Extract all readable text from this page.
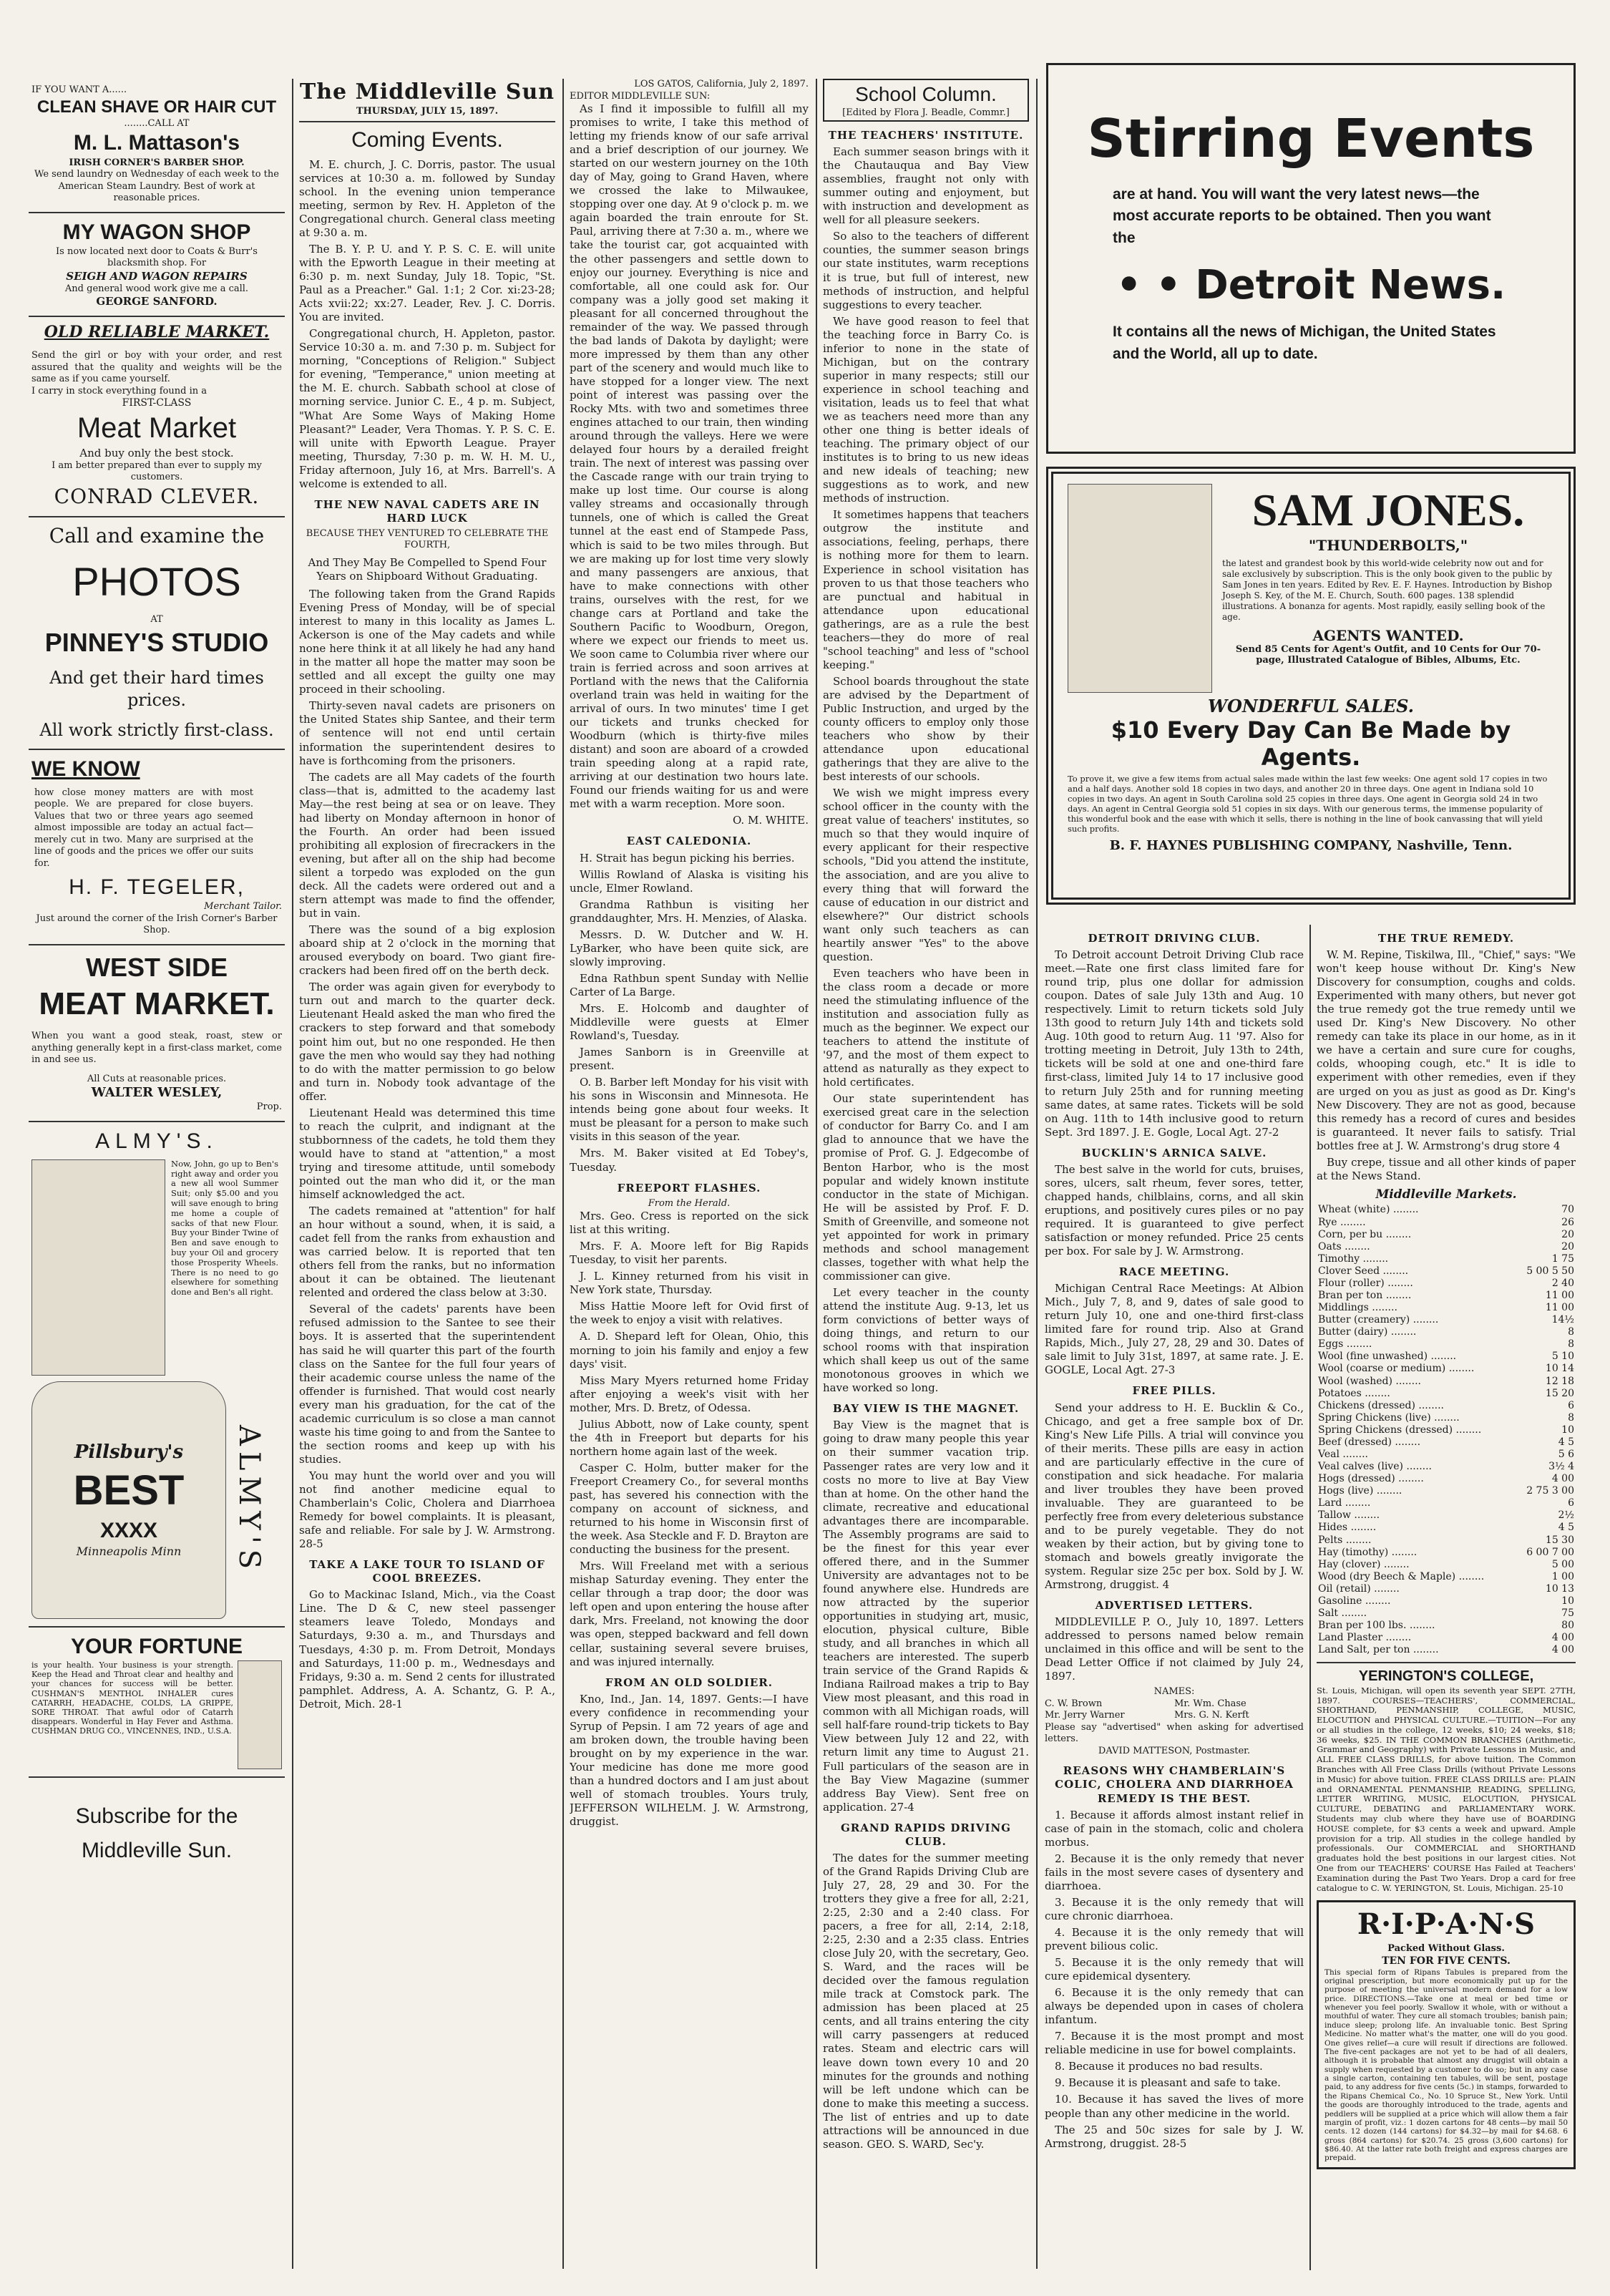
IF YOU WANT A......
CLEAN SHAVE OR HAIR CUT
........CALL AT
M. L. Mattason's
IRISH CORNER'S BARBER SHOP.
We send laundry on Wednesday of each week to the American Steam Laundry. Best of work at reasonable prices.
MY WAGON SHOP
Is now located next door to Coats & Burr's blacksmith shop. For
SEIGH AND WAGON REPAIRS
And general wood work give me a call.
GEORGE SANFORD.
OLD RELIABLE MARKET.
Send the girl or boy with your order, and rest assured that the quality and weights will be the same as if you came yourself.
I carry in stock everything found in a
FIRST-CLASS
Meat Market
And buy only the best stock.
I am better prepared than ever to supply my customers.
CONRAD CLEVER.
Call and examine the
PHOTOS
AT
PINNEY'S STUDIO
And get their hard times prices.
All work strictly first-class.
WE KNOW
how close money matters are with most people. We are prepared for close buyers. Values that two or three years ago seemed almost impossible are today an actual fact—merely cut in two. Many are surprised at the line of goods and the prices we offer our suits for.
H. F. TEGELER,
Merchant Tailor.
Just around the corner of the Irish Corner's Barber Shop.
WEST SIDE
MEAT MARKET.
When you want a good steak, roast, stew or anything generally kept in a first-class market, come in and see us.
All Cuts at reasonable prices.
WALTER WESLEY,
Prop.
ALMY'S.
Now, John, go up to Ben's right away and order you a new all wool Summer Suit; only $5.00 and you will save enough to bring me home a couple of sacks of that new Flour. Buy your Binder Twine of Ben and save enough to buy your Oil and grocery those Prosperity Wheels. There is no need to go elsewhere for something done and Ben's all right.
Pillsbury's
BEST
XXXX
Minneapolis Minn ALMY'S
YOUR FORTUNE
is your health. Your business is your strength. Keep the Head and Throat clear and healthy and your chances for success will be better. CUSHMAN'S MENTHOL INHALER cures CATARRH, HEADACHE, COLDS, LA GRIPPE, SORE THROAT. That awful odor of Catarrh disappears. Wonderful in Hay Fever and Asthma. CUSHMAN DRUG CO., VINCENNES, IND., U.S.A.
Subscribe for the Middleville Sun.
The Middleville Sun
THURSDAY, JULY 15, 1897.
Coming Events.

M. E. church, J. C. Dorris, pastor. The usual services at 10:30 a. m. followed by Sunday school. In the evening union temperance meeting, sermon by Rev. H. Appleton of the Congregational church. General class meeting at 9:30 a. m.

The B. Y. P. U. and Y. P. S. C. E. will unite with the Epworth League in their meeting at 6:30 p. m. next Sunday, July 18. Topic, "St. Paul as a Preacher." Gal. 1:1; 2 Cor. xi:23-28; Acts xvii:22; xx:27. Leader, Rev. J. C. Dorris. You are invited.

Congregational church, H. Appleton, pastor. Service 10:30 a. m. and 7:30 p. m. Subject for morning, "Conceptions of Religion." Subject for evening, "Temperance," union meeting at the M. E. church. Sabbath school at close of morning service. Junior C. E., 4 p. m. Subject, "What Are Some Ways of Making Home Pleasant?" Leader, Vera Thomas. Y. P. S. C. E. will unite with Epworth League. Prayer meeting, Thursday, 7:30 p. m. W. H. M. U., Friday afternoon, July 16, at Mrs. Barrell's. A welcome is extended to all.

THE NEW NAVAL CADETS ARE IN HARD LUCK
BECAUSE THEY VENTURED TO CELEBRATE THE FOURTH,
And They May Be Compelled to Spend Four Years on Shipboard Without Graduating.

The following taken from the Grand Rapids Evening Press of Monday, will be of special interest to many in this locality as James L. Ackerson is one of the May cadets and while none here think it at all likely he had any hand in the matter all hope the matter may soon be settled and all except the guilty one may proceed in their schooling.

Thirty-seven naval cadets are prisoners on the United States ship Santee, and their term of sentence will not end until certain information the superintendent desires to have is forthcoming from the prisoners.

The cadets are all May cadets of the fourth class—that is, admitted to the academy last May—the rest being at sea or on leave. They had liberty on Monday afternoon in honor of the Fourth. An order had been issued prohibiting all explosion of firecrackers in the evening, but after all on the ship had become silent a torpedo was exploded on the gun deck. All the cadets were ordered out and a stern attempt was made to find the offender, but in vain.

There was the sound of a big explosion aboard ship at 2 o'clock in the morning that aroused everybody on board. Two giant fire-crackers had been fired off on the berth deck.

The order was again given for everybody to turn out and march to the quarter deck. Lieutenant Heald asked the man who fired the crackers to step forward and that somebody point him out, but no one responded. He then gave the men who would say they had nothing to do with the matter permission to go below and turn in. Nobody took advantage of the offer.

Lieutenant Heald was determined this time to reach the culprit, and indignant at the stubbornness of the cadets, he told them they would have to stand at "attention," a most trying and tiresome attitude, until somebody pointed out the man who did it, or the man himself acknowledged the act.

The cadets remained at "attention" for half an hour without a sound, when, it is said, a cadet fell from the ranks from exhaustion and was carried below. It is reported that ten others fell from the ranks, but no information about it can be obtained. The lieutenant relented and ordered the class below at 3:30.

Several of the cadets' parents have been refused admission to the Santee to see their boys. It is asserted that the superintendent has said he will quarter this part of the fourth class on the Santee for the full four years of their academic course unless the name of the offender is furnished. That would cost nearly every man his graduation, for the cat of the academic curriculum is so close a man cannot waste his time going to and from the Santee to the section rooms and keep up with his studies.

You may hunt the world over and you will not find another medicine equal to Chamberlain's Colic, Cholera and Diarrhoea Remedy for bowel complaints. It is pleasant, safe and reliable. For sale by J. W. Armstrong. 28-5

TAKE A LAKE TOUR TO ISLAND OF COOL BREEZES.

Go to Mackinac Island, Mich., via the Coast Line. The D & C, new steel passenger steamers leave Toledo, Mondays and Saturdays, 9:30 a. m., and Thursdays and Tuesdays, 4:30 p. m. From Detroit, Mondays and Saturdays, 11:00 p. m., Wednesdays and Fridays, 9:30 a. m. Send 2 cents for illustrated pamphlet. Address, A. A. Schantz, G. P. A., Detroit, Mich. 28-1

LOS GATOS, California, July 2, 1897.
EDITOR MIDDLEVILLE SUN:

As I find it impossible to fulfill all my promises to write, I take this method of letting my friends know of our safe arrival and a brief description of our journey. We started on our western journey on the 10th day of May, going to Grand Haven, where we crossed the lake to Milwaukee, stopping over one day. At 9 o'clock p. m. we again boarded the train enroute for St. Paul, arriving there at 7:30 a. m., where we take the tourist car, got acquainted with the other passengers and settle down to enjoy our journey. Everything is nice and comfortable, all one could ask for. Our company was a jolly good set making it pleasant for all concerned throughout the remainder of the way. We passed through the bad lands of Dakota by daylight; were more impressed by them than any other part of the scenery and would much like to have stopped for a longer view. The next point of interest was passing over the Rocky Mts. with two and sometimes three engines attached to our train, then winding around through the valleys. Here we were delayed four hours by a derailed freight train. The next of interest was passing over the Cascade range with our train trying to make up lost time. Our course is along valley streams and occasionally through tunnels, one of which is called the Great tunnel at the east end of Stampede Pass, which is said to be two miles through. But we are making up for lost time very slowly and many passengers are anxious, that have to make connections with other trains, ourselves with the rest, for we change cars at Portland and take the Southern Pacific to Woodburn, Oregon, where we expect our friends to meet us. We soon came to Columbia river where our train is ferried across and soon arrives at Portland with the news that the California overland train was held in waiting for the arrival of ours. In two minutes' time I get our tickets and trunks checked for Woodburn (which is thirty-five miles distant) and soon are aboard of a crowded train speeding along at a rapid rate, arriving at our destination two hours late. Found our friends waiting for us and were met with a warm reception. More soon.

O. M. WHITE.
EAST CALEDONIA.

H. Strait has begun picking his berries.

Willis Rowland of Alaska is visiting his uncle, Elmer Rowland.

Grandma Rathbun is visiting her granddaughter, Mrs. H. Menzies, of Alaska.

Messrs. D. W. Dutcher and W. H. LyBarker, who have been quite sick, are slowly improving.

Edna Rathbun spent Sunday with Nellie Carter of La Barge.

Mrs. E. Holcomb and daughter of Middleville were guests at Elmer Rowland's, Tuesday.

James Sanborn is in Greenville at present.

O. B. Barber left Monday for his visit with his sons in Wisconsin and Minnesota. He intends being gone about four weeks. It must be pleasant for a person to make such visits in this season of the year.

Mrs. M. Baker visited at Ed Tobey's, Tuesday.

FREEPORT FLASHES.
From the Herald.

Mrs. Geo. Cress is reported on the sick list at this writing.

Mrs. F. A. Moore left for Big Rapids Tuesday, to visit her parents.

J. L. Kinney returned from his visit in New York state, Thursday.

Miss Hattie Moore left for Ovid first of the week to enjoy a visit with relatives.

A. D. Shepard left for Olean, Ohio, this morning to join his family and enjoy a few days' visit.

Miss Mary Myers returned home Friday after enjoying a week's visit with her mother, Mrs. D. Bretz, of Odessa.

Julius Abbott, now of Lake county, spent the 4th in Freeport but departs for his northern home again last of the week.

Casper C. Holm, butter maker for the Freeport Creamery Co., for several months past, has severed his connection with the company on account of sickness, and returned to his home in Wisconsin first of the week. Asa Steckle and F. D. Brayton are conducting the business for the present.

Mrs. Will Freeland met with a serious mishap Saturday evening. They enter the cellar through a trap door; the door was left open and upon entering the house after dark, Mrs. Freeland, not knowing the door was open, stepped backward and fell down cellar, sustaining several severe bruises, and was injured internally.

FROM AN OLD SOLDIER.

Kno, Ind., Jan. 14, 1897. Gents:—I have every confidence in recommending your Syrup of Pepsin. I am 72 years of age and am broken down, the trouble having been brought on by my experience in the war. Your medicine has done me more good than a hundred doctors and I am just about well of stomach troubles. Yours truly, JEFFERSON WILHELM. J. W. Armstrong, druggist.

School Column.
[Edited by Flora J. Beadle, Commr.]
THE TEACHERS' INSTITUTE.

Each summer season brings with it the Chautauqua and Bay View assemblies, fraught not only with summer outing and enjoyment, but with instruction and development as well for all pleasure seekers.

So also to the teachers of different counties, the summer season brings our state institutes, warm receptions it is true, but full of interest, new methods of instruction, and helpful suggestions to every teacher.

We have good reason to feel that the teaching force in Barry Co. is inferior to none in the state of Michigan, but on the contrary superior in many respects; still our experience in school teaching and visitation, leads us to feel that what we as teachers need more than any other one thing is better ideals of teaching. The primary object of our institutes is to bring to us new ideas and new ideals of teaching; new suggestions as to work, and new methods of instruction.

It sometimes happens that teachers outgrow the institute and associations, feeling, perhaps, there is nothing more for them to learn. Experience in school visitation has proven to us that those teachers who are punctual and habitual in attendance upon educational gatherings, are as a rule the best teachers—they do more of real "school teaching" and less of "school keeping."

School boards throughout the state are advised by the Department of Public Instruction, and urged by the county officers to employ only those teachers who show by their attendance upon educational gatherings that they are alive to the best interests of our schools.

We wish we might impress every school officer in the county with the great value of teachers' institutes, so much so that they would inquire of every applicant for their respective schools, "Did you attend the institute, the association, and are you alive to every thing that will forward the cause of education in our district and elsewhere?" Our district schools want only such teachers as can heartily answer "Yes" to the above question.

Even teachers who have been in the class room a decade or more need the stimulating influence of the institution and association fully as much as the beginner. We expect our teachers to attend the institute of '97, and the most of them expect to attend as naturally as they expect to hold certificates.

Our state superintendent has exercised great care in the selection of conductor for Barry Co. and I am glad to announce that we have the promise of Prof. G. J. Edgecombe of Benton Harbor, who is the most popular and widely known institute conductor in the state of Michigan. He will be assisted by Prof. F. D. Smith of Greenville, and someone not yet appointed for work in primary methods and school management classes, together with what help the commissioner can give.

Let every teacher in the county attend the institute Aug. 9-13, let us form convictions of better ways of doing things, and return to our school rooms with that inspiration which shall keep us out of the same monotonous grooves in which we have worked so long.

BAY VIEW IS THE MAGNET.

Bay View is the magnet that is going to draw many people this year on their summer vacation trip. Passenger rates are very low and it costs no more to live at Bay View than at home. On the other hand the climate, recreative and educational advantages there are incomparable. The Assembly programs are said to be the finest for this year ever offered there, and in the Summer University are advantages not to be found anywhere else. Hundreds are now attracted by the superior opportunities in studying art, music, elocution, physical culture, Bible study, and all branches in which all teachers are interested. The superb train service of the Grand Rapids & Indiana Railroad makes a trip to Bay View most pleasant, and this road in common with all Michigan roads, will sell half-fare round-trip tickets to Bay View between July 12 and 22, with return limit any time to August 21. Full particulars of the season are in the Bay View Magazine (summer address Bay View). Sent free on application. 27-4

GRAND RAPIDS DRIVING CLUB.

The dates for the summer meeting of the Grand Rapids Driving Club are July 27, 28, 29 and 30. For the trotters they give a free for all, 2:21, 2:25, 2:30 and a 2:40 class. For pacers, a free for all, 2:14, 2:18, 2:25, 2:30 and a 2:35 class. Entries close July 20, with the secretary, Geo. S. Ward, and the races will be decided over the famous regulation mile track at Comstock park. The admission has been placed at 25 cents, and all trains entering the city will carry passengers at reduced rates. Steam and electric cars will leave down town every 10 and 20 minutes for the grounds and nothing will be left undone which can be done to make this meeting a success. The list of entries and up to date attractions will be announced in due season. GEO. S. WARD, Sec'y.

Stirring Events
are at hand. You will want the very latest news—the most accurate reports to be obtained. Then you want the
• • Detroit News.
It contains all the news of Michigan, the United States and the World, all up to date.
SAM JONES.
"THUNDERBOLTS,"
the latest and grandest book by this world-wide celebrity now out and for sale exclusively by subscription. This is the only book given to the public by Sam Jones in ten years. Edited by Rev. E. F. Haynes. Introduction by Bishop Joseph S. Key, of the M. E. Church, South. 600 pages. 138 splendid illustrations. A bonanza for agents. Most rapidly, easily selling book of the age.
AGENTS WANTED.
Send 85 Cents for Agent's Outfit, and 10 Cents for Our 70-page, Illustrated Catalogue of Bibles, Albums, Etc.
WONDERFUL SALES.
$10 Every Day Can Be Made by Agents.
To prove it, we give a few items from actual sales made within the last few weeks: One agent sold 17 copies in two and a half days. Another sold 18 copies in two days, and another 20 in three days. One agent in Indiana sold 10 copies in two days. An agent in South Carolina sold 25 copies in three days. One agent in Georgia sold 24 in two days. An agent in Central Georgia sold 51 copies in six days. With our generous terms, the immense popularity of this wonderful book and the ease with which it sells, there is nothing in the line of book canvassing that will yield such profits.
B. F. HAYNES PUBLISHING COMPANY, Nashville, Tenn.
DETROIT DRIVING CLUB.

To Detroit account Detroit Driving Club race meet.—Rate one first class limited fare for round trip, plus one dollar for admission coupon. Dates of sale July 13th and Aug. 10 respectively. Limit to return tickets sold July 13th good to return July 14th and tickets sold Aug. 10th good to return Aug. 11 '97. Also for trotting meeting in Detroit, July 13th to 24th, tickets will be sold at one and one-third fare first-class, limited July 14 to 17 inclusive good to return July 25th and for running meeting same dates, at same rates. Tickets will be sold on Aug. 11th to 14th inclusive good to return Sept. 3rd 1897. J. E. Gogle, Local Agt. 27-2

BUCKLIN'S ARNICA SALVE.

The best salve in the world for cuts, bruises, sores, ulcers, salt rheum, fever sores, tetter, chapped hands, chilblains, corns, and all skin eruptions, and positively cures piles or no pay required. It is guaranteed to give perfect satisfaction or money refunded. Price 25 cents per box. For sale by J. W. Armstrong.

RACE MEETING.

Michigan Central Race Meetings: At Albion Mich., July 7, 8, and 9, dates of sale good to return July 10, one and one-third first-class limited fare for round trip. Also at Grand Rapids, Mich., July 27, 28, 29 and 30. Dates of sale limit to July 31st, 1897, at same rate. J. E. GOGLE, Local Agt. 27-3

FREE PILLS.

Send your address to H. E. Bucklin & Co., Chicago, and get a free sample box of Dr. King's New Life Pills. A trial will convince you of their merits. These pills are easy in action and are particularly effective in the cure of constipation and sick headache. For malaria and liver troubles they have been proved invaluable. They are guaranteed to be perfectly free from every deleterious substance and to be purely vegetable. They do not weaken by their action, but by giving tone to stomach and bowels greatly invigorate the system. Regular size 25c per box. Sold by J. W. Armstrong, druggist. 4

ADVERTISED LETTERS.

MIDDLEVILLE P. O., July 10, 1897. Letters addressed to persons named below remain unclaimed in this office and will be sent to the Dead Letter Office if not claimed by July 24, 1897.

NAMES:
C. W. Brown	Mr. Wm. Chase
Mr. Jerry Warner	Mrs. G. N. Kerft
Please say "advertised" when asking for advertised letters.
DAVID MATTESON, Postmaster.
REASONS WHY CHAMBERLAIN'S COLIC, CHOLERA AND DIARRHOEA REMEDY IS THE BEST.

1. Because it affords almost instant relief in case of pain in the stomach, colic and cholera morbus.

2. Because it is the only remedy that never fails in the most severe cases of dysentery and diarrhoea.

3. Because it is the only remedy that will cure chronic diarrhoea.

4. Because it is the only remedy that will prevent bilious colic.

5. Because it is the only remedy that will cure epidemical dysentery.

6. Because it is the only remedy that can always be depended upon in cases of cholera infantum.

7. Because it is the most prompt and most reliable medicine in use for bowel complaints.

8. Because it produces no bad results.

9. Because it is pleasant and safe to take.

10. Because it has saved the lives of more people than any other medicine in the world.

The 25 and 50c sizes for sale by J. W. Armstrong, druggist. 28-5

THE TRUE REMEDY.

W. M. Repine, Tiskilwa, Ill., "Chief," says: "We won't keep house without Dr. King's New Discovery for consumption, coughs and colds. Experimented with many others, but never got the true remedy got the true remedy until we used Dr. King's New Discovery. No other remedy can take its place in our home, as in it we have a certain and sure cure for coughs, colds, whooping cough, etc." It is idle to experiment with other remedies, even if they are urged on you as just as good as Dr. King's New Discovery. They are not as good, because this remedy has a record of cures and besides is guaranteed. It never fails to satisfy. Trial bottles free at J. W. Armstrong's drug store 4

Buy crepe, tissue and all other kinds of paper at the News Stand.

Middleville Markets.
Wheat (white) ........	70
Rye ........	26
Corn, per bu ........	20
Oats ........	20
Timothy ........	1 75
Clover Seed ........	5 00 5 50
Flour (roller) ........	2 40
Bran per ton ........	11 00
Middlings ........	11 00
Butter (creamery) ........	14½
Butter (dairy) ........	8
Eggs ........	8
Wool (fine unwashed) ........	5 10
Wool (coarse or medium) ........	10 14
Wool (washed) ........	12 18
Potatoes ........	15 20
Chickens (dressed) ........	6
Spring Chickens (live) ........	8
Spring Chickens (dressed) ........	10
Beef (dressed) ........	4 5
Veal ........	5 6
Veal calves (live) ........	3½ 4
Hogs (dressed) ........	4 00
Hogs (live) ........	2 75 3 00
Lard ........	6
Tallow ........	2½
Hides ........	4 5
Pelts ........	15 30
Hay (timothy) ........	6 00 7 00
Hay (clover) ........	5 00
Wood (dry Beech & Maple) ........	1 00
Oil (retail) ........	10 13
Gasoline ........	10
Salt ........	75
Bran per 100 lbs. ........	80
Land Plaster ........	4 00
Land Salt, per ton ........	4 00
YERINGTON'S COLLEGE,
St. Louis, Michigan, will open its seventh year SEPT. 27TH, 1897. COURSES—TEACHERS', COMMERCIAL, SHORTHAND, PENMANSHIP, COLLEGE, MUSIC, ELOCUTION and PHYSICAL CULTURE.—TUITION—For any or all studies in the college, 12 weeks, $10; 24 weeks, $18; 36 weeks, $25. IN THE COMMON BRANCHES (Arithmetic, Grammar and Geography) with Private Lessons in Music, and ALL FREE CLASS DRILLS, for above tuition. The Common Branches with All Free Class Drills (without Private Lessons in Music) for above tuition. FREE CLASS DRILLS are: PLAIN and ORNAMENTAL PENMANSHIP, READING, SPELLING, LETTER WRITING, MUSIC, ELOCUTION, PHYSICAL CULTURE, DEBATING and PARLIAMENTARY WORK. Students may club where they have use of BOARDING HOUSE complete, for $3 cents a week and upward. Ample provision for a trip. All studies in the college handled by professionals. Our COMMERCIAL and SHORTHAND graduates hold the best positions in our largest cities. Not One from our TEACHERS' COURSE Has Failed at Teachers' Examination during the Past Two Years. Drop a card for free catalogue to C. W. YERINGTON, St. Louis, Michigan. 25-10
R·I·P·A·N·S
Packed Without Glass.
TEN FOR FIVE CENTS.
This special form of Ripans Tabules is prepared from the original prescription, but more economically put up for the purpose of meeting the universal modern demand for a low price. DIRECTIONS.—Take one at meal or bed time or whenever you feel poorly. Swallow it whole, with or without a mouthful of water. They cure all stomach troubles; banish pain; induce sleep; prolong life. An invaluable tonic. Best Spring Medicine. No matter what's the matter, one will do you good. One gives relief—a cure will result if directions are followed. The five-cent packages are not yet to be had of all dealers, although it is probable that almost any druggist will obtain a supply when requested by a customer to do so; but in any case a single carton, containing ten tabules, will be sent, postage paid, to any address for five cents (5c.) in stamps, forwarded to the Ripans Chemical Co., No. 10 Spruce St., New York. Until the goods are thoroughly introduced to the trade, agents and peddlers will be supplied at a price which will allow them a fair margin of profit, viz.: 1 dozen cartons for 48 cents—by mail 50 cents. 12 dozen (144 cartons) for $4.32—by mail for $4.68. 6 gross (864 cartons) for $20.74. 25 gross (3,600 cartons) for $86.40. At the latter rate both freight and express charges are prepaid.
